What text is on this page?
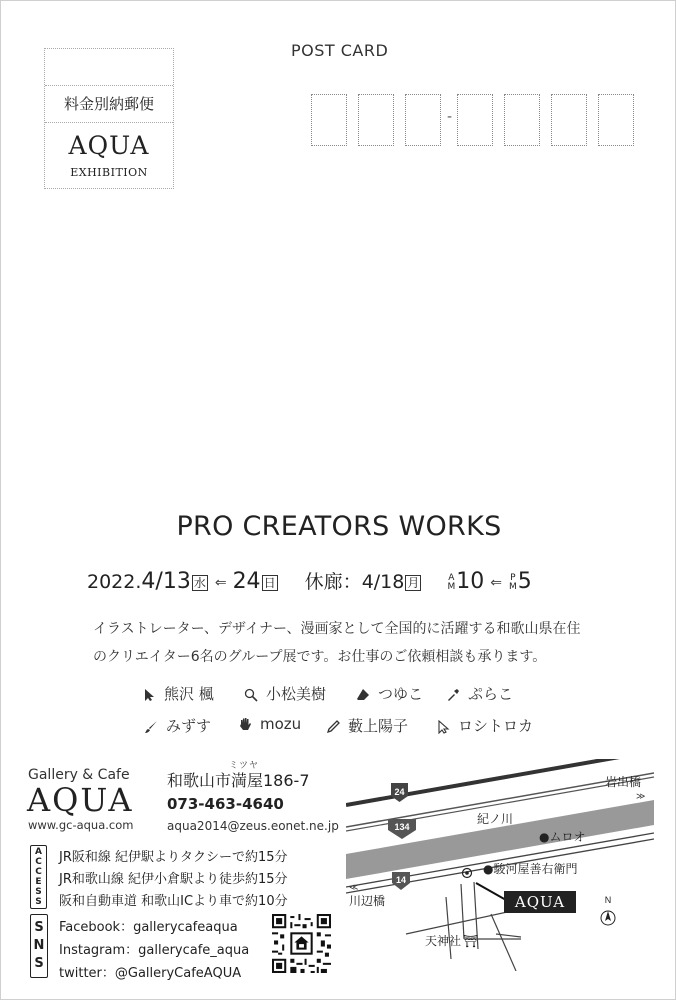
料金別納郵便
AQUA
EXHIBITION
POST CARD
-
PRO CREATORS WORKS
2022.4/13 水 ⇐ 24 日 休廊：4/18 月	A
M10 ⇐ P
M5
イラストレーター、デザイナー、漫画家として全国的に活躍する和歌山県在住
のクリエイター6名のグループ展です。お仕事のご依頼相談も承ります。
熊沢 楓	小松美樹	つゆこ	ぷらこ
みずす	mozu	藪上陽子	ロシトロカ
Gallery & Cafe
AQUA
www.gc-aqua.com
ミツヤ
和歌山市満屋186-7
073-463-4640
aqua2014@zeus.eonet.ne.jp
A
C
C
E
S
S
JR阪和線 紀伊駅よりタクシーで約15分
JR和歌山線 紀伊小倉駅より徒歩約15分
阪和自動車道 和歌山ICより車で約10分
S
N
S
Facebook：gallerycafeaqua
Instagram：gallerycafe_aqua
twitter：@GalleryCafeAQUA
24
134
14
岩出橋
≫
紀ノ川
●ムロオ
●駿河屋善右衛門
≪
川辺橋
天神社 ⛩
AQUA	N
